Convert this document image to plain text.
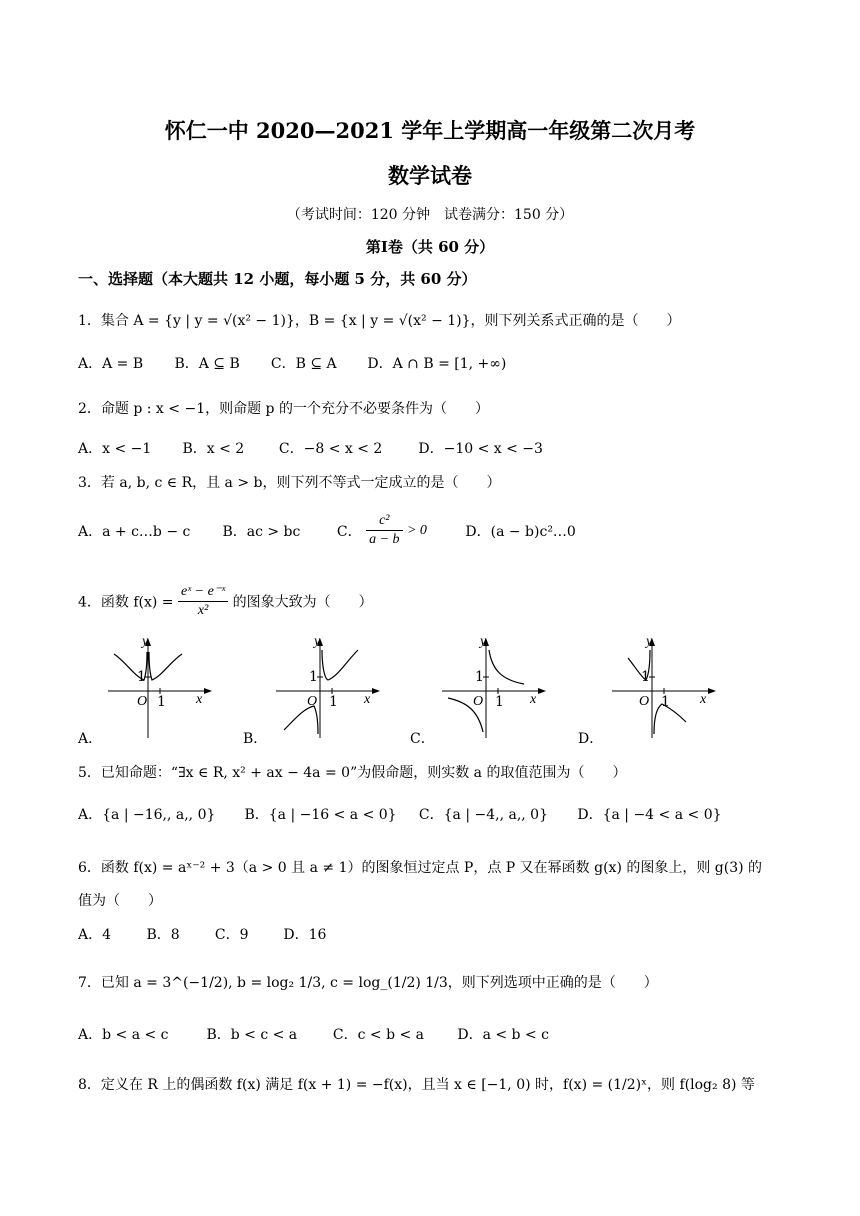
怀仁一中 2020—2021 学年上学期高一年级第二次月考
数学试卷
（考试时间：120 分钟　试卷满分：150 分）
第Ⅰ卷（共 60 分）
一、选择题（本大题共 12 小题，每小题 5 分，共 60 分）
1．集合 A = {y | y = √(x² − 1)}，B = {x | y = √(x² − 1)}，则下列关系式正确的是（　　）
A．A = B B．A ⊆ B C．B ⊆ A D．A ∩ B = [1, +∞)
2．命题 p : x < −1，则命题 p 的一个充分不必要条件为（　　）
A．x < −1 B．x < 2 C．−8 < x < 2	D．−10 < x < −3
3．若 a, b, c ∈ R，且 a > b，则下列不等式一定成立的是（　　）
A．a + c…b − c B．ac > bc	C． $\frac{\text{c²}}{a - b} > 0$	D．(a − b)c²…0
4．函数 $f(x) = \frac{\text{eˣ − e⁻ˣ}}{\text{x²}}$ 的图象大致为（　　）
y
x
O 1
1
y
x
O 1
1
y
x
O 1
1
y
x
O 1
1
A．	B．	C．	D．
5．已知命题：“∃x ∈ R, x² + ax − 4a = 0”为假命题，则实数 a 的取值范围为（　　）
A．{a | −16,, a,, 0} B．{a | −16 < a < 0} C．{a | −4,, a,, 0} D．{a | −4 < a < 0}
6．函数 f(x) = aˣ⁻² + 3（a > 0 且 a ≠ 1）的图象恒过定点 P，点 P 又在幂函数 g(x) 的图象上，则 g(3) 的
值为（　　）
A．4	B．8	C．9 D．16
7．已知 a = 3^(−1/2), b = log₂ 1/3, c = log_(1/2) 1/3，则下列选项中正确的是（　　）
A．b < a < c	B．b < c < a	C．c < b < a D．a < b < c
8．定义在 R 上的偶函数 f(x) 满足 f(x + 1) = −f(x)，且当 x ∈ [−1, 0) 时，f(x) = (1/2)ˣ，则 f(log₂ 8) 等
